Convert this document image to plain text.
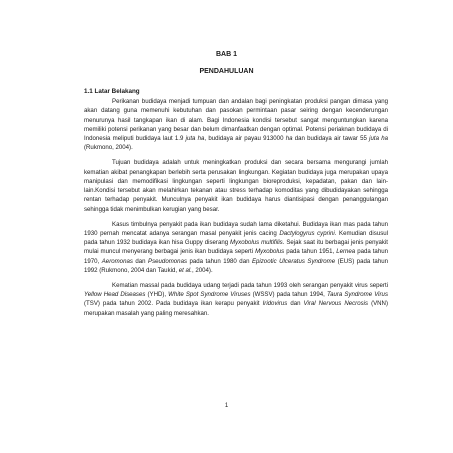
BAB 1
PENDAHULUAN
1.1 Latar Belakang

Perikanan budidaya menjadi tumpuan dan andalan bagi peningkatan produksi pangan dimasa yang akan datang guna memenuhi kebutuhan dan pasokan permintaan pasar seiring dengan kecenderungan menurunya hasil tangkapan ikan di alam. Bagi Indonesia kondisi tersebut sangat menguntungkan karena memiliki potensi perikanan yang besar dan belum dimanfaatkan dengan optimal. Potensi periaknan budidaya di Indonesia meliputi budidaya laut 1.9 juta ha, budidaya air payau 913000 ha dan budidaya air tawar 55 juta ha (Rukmono, 2004).

Tujuan budidaya adalah untuk meningkatkan produksi dan secara bersama mengurangi jumlah kematian akibat penangkapan berlebih serta perusakan lingkungan. Kegiatan budidaya juga merupakan upaya manipulasi dan memodifikasi lingkungan seperti lingkungan bioreproduksi, kepadatan, pakan dan lain-lain.Kondisi tersebut akan melahirkan tekanan atau stress terhadap komoditas yang dibudidayakan sehingga rentan terhadap penyakit. Munculnya penyakit ikan budidaya harus diantisipasi dengan penanggulangan sehingga tidak menimbulkan kerugian yang besar.

Kasus timbulnya penyakit pada ikan budidaya sudah lama diketahui. Budidaya ikan mas pada tahun 1930 pernah mencatat adanya serangan masal penyakit jenis cacing Dactylogyrus cyprini. Kemudian disusul pada tahun 1932 budidaya ikan hisa Guppy diserang Myxobolus multifilis. Sejak saat itu berbagai jenis penyakit mulai muncul menyerang berbagai jenis ikan budidaya seperti Myxobolus pada tahun 1951, Lernea pada tahun 1970, Aeromonas dan Pseudomonas pada tahun 1980 dan Epizootic Ulceratus Syndrome (EUS) pada tahun 1992 (Rukmono, 2004 dan Taukid, et al., 2004).

Kematian massal pada budidaya udang terjadi pada tahun 1993 oleh serangan penyakit virus seperti Yellow Head Diseases (YHD), White Spot Syndrome Viruses (WSSV) pada tahun 1994, Taura Syndrome Virus (TSV) pada tahun 2002. Pada budidaya ikan kerapu penyakit Iridovirus dan Viral Nervous Necrosis (VNN) merupakan masalah yang paling meresahkan.

1
